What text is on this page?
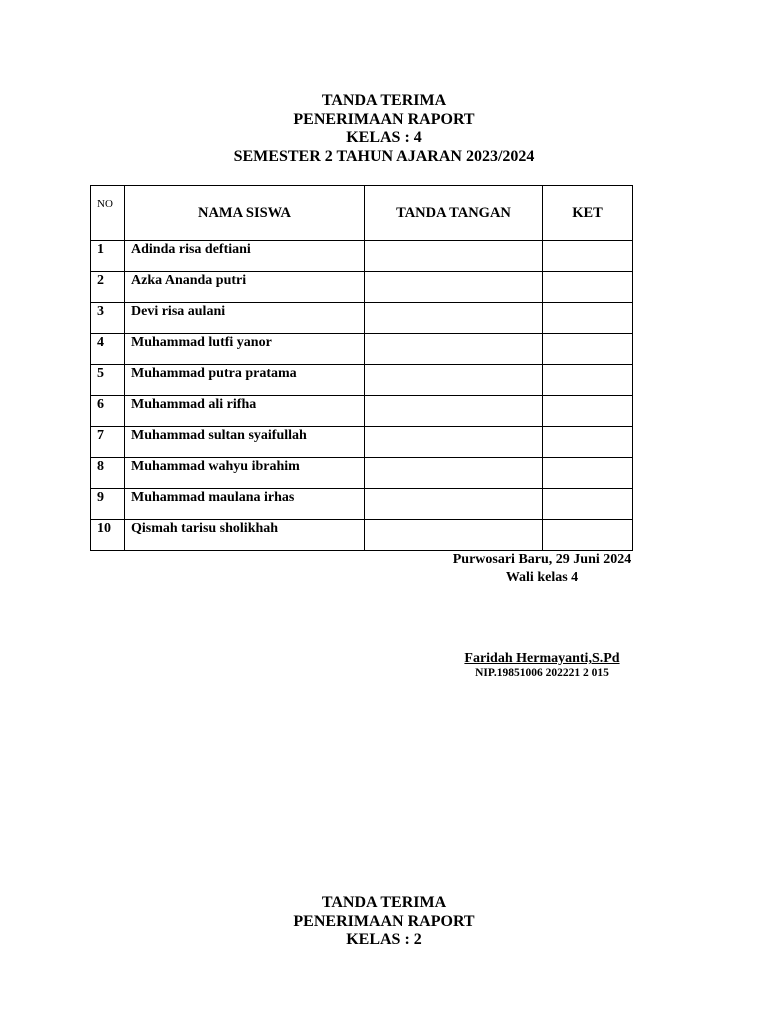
TANDA TERIMA
PENERIMAAN RAPORT
KELAS : 4
SEMESTER 2 TAHUN AJARAN 2023/2024
NO	NAMA SISWA	TANDA TANGAN	KET
1	Adinda risa deftiani		
2	Azka Ananda putri		
3	Devi risa aulani		
4	Muhammad lutfi yanor		
5	Muhammad putra pratama		
6	Muhammad ali rifha		
7	Muhammad sultan syaifullah		
8	Muhammad wahyu ibrahim		
9	Muhammad maulana irhas		
10	Qismah tarisu sholikhah		
Purwosari Baru, 29 Juni 2024
Wali kelas 4
Faridah Hermayanti,S.Pd
NIP.19851006 202221 2 015
TANDA TERIMA
PENERIMAAN RAPORT
KELAS : 2
